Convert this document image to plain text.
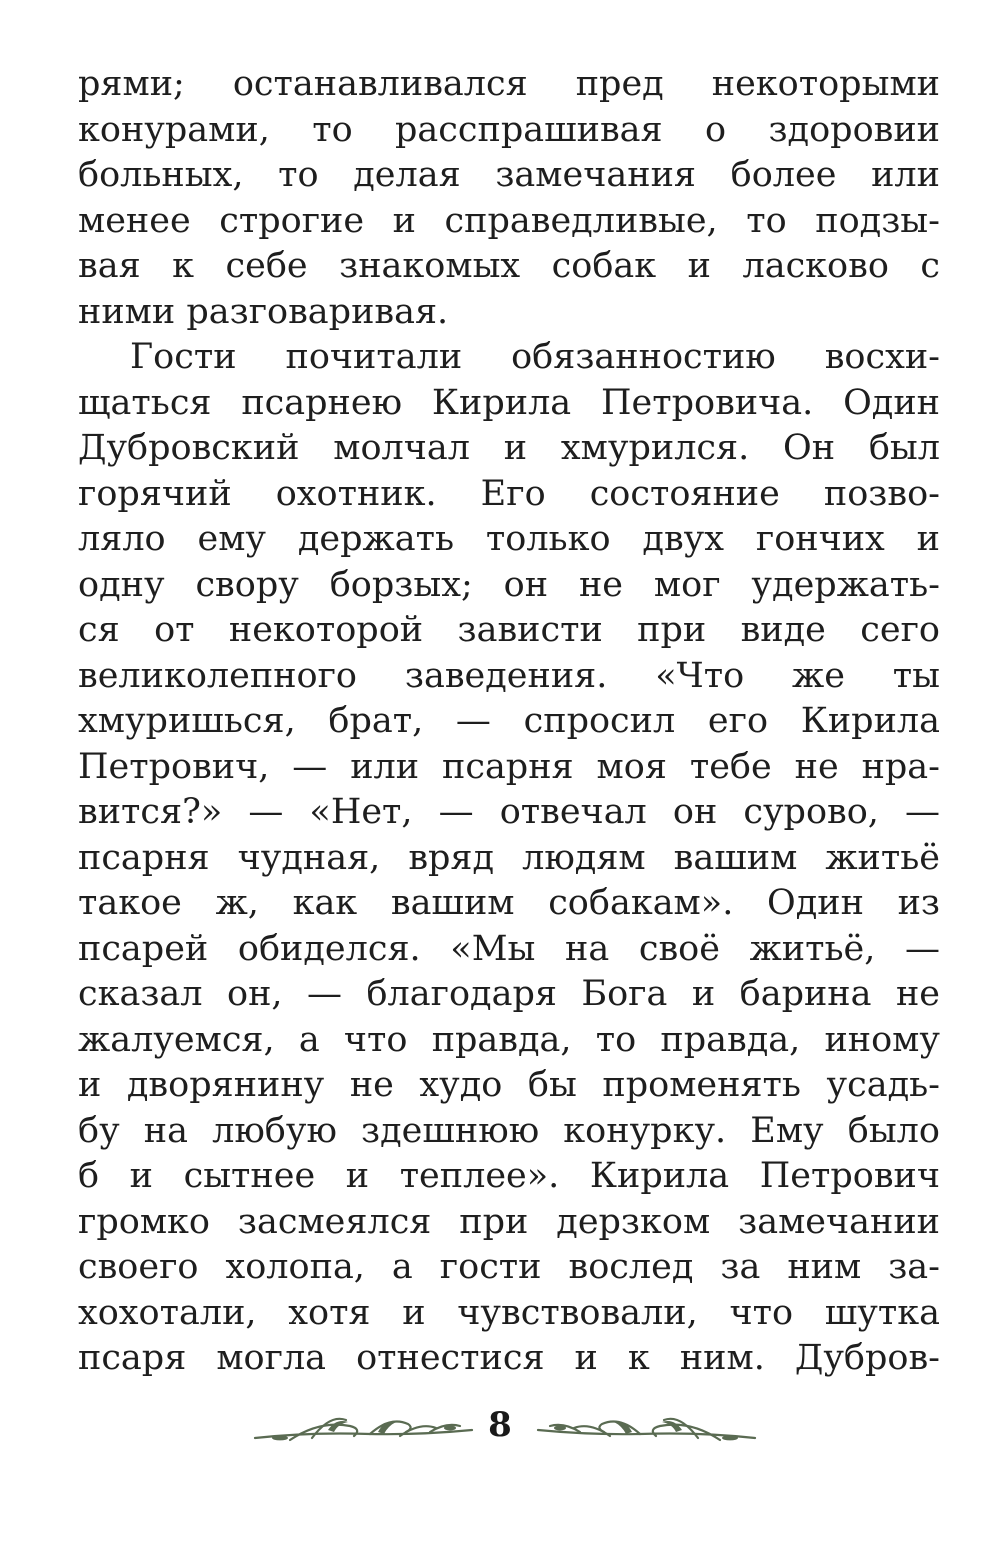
рями; останавливался пред некоторыми
конурами, то расспрашивая о здоровии
больных, то делая замечания более или
менее строгие и справедливые, то подзы-
вая к себе знакомых собак и ласково с
ними разговаривая.
Гости почитали обязанностию восхи-
щаться псарнею Кирила Петровича. Один
Дубровский молчал и хмурился. Он был
горячий охотник. Его состояние позво-
ляло ему держать только двух гончих и
одну свору борзых; он не мог удержать-
ся от некоторой зависти при виде сего
великолепного заведения. «Что же ты
хмуришься, брат, — спросил его Кирила
Петрович, — или псарня моя тебе не нра-
вится?» — «Нет, — отвечал он сурово, —
псарня чудная, вряд людям вашим житьё
такое ж, как вашим собакам». Один из
псарей обиделся. «Мы на своё житьё, —
сказал он, — благодаря Бога и барина не
жалуемся, а что правда, то правда, иному
и дворянину не худо бы променять усадь-
бу на любую здешнюю конурку. Ему было
б и сытнее и теплее». Кирила Петрович
громко засмеялся при дерзком замечании
своего холопа, а гости вослед за ним за-
хохотали, хотя и чувствовали, что шутка
псаря могла отнестися и к ним. Дубров-
8
